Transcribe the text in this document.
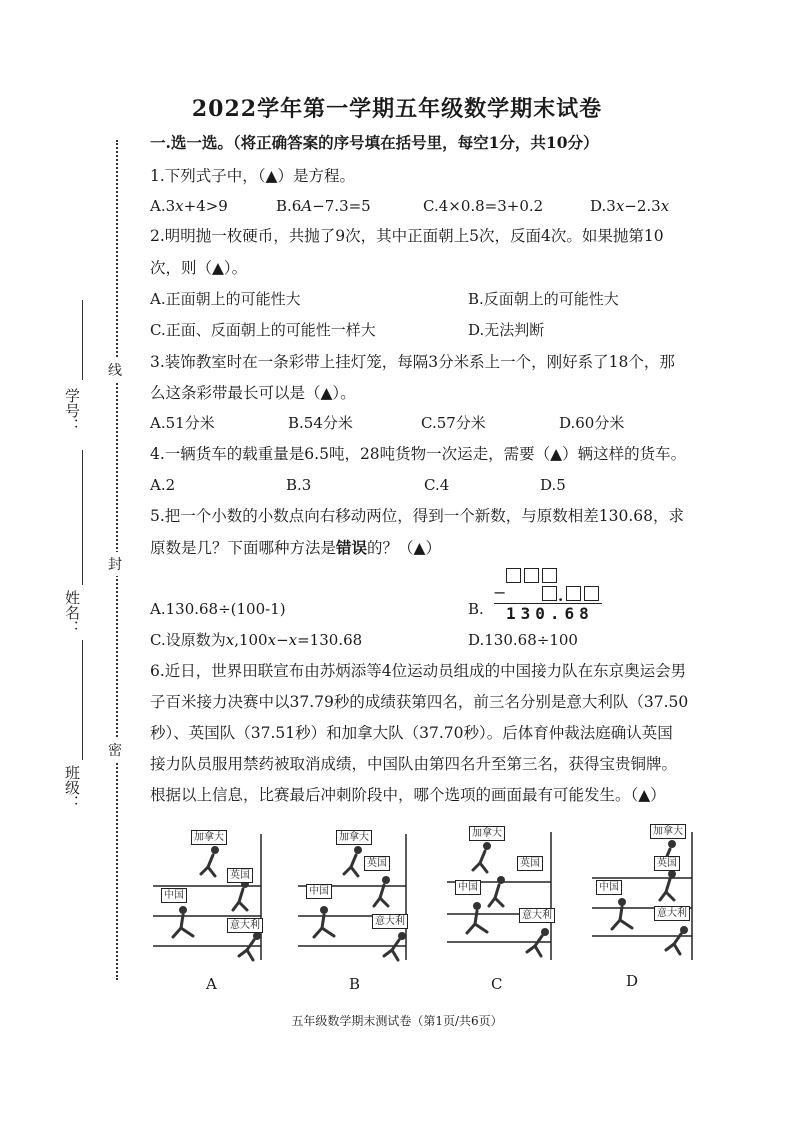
学号：
姓名：
班级：
线
封
密
2022学年第一学期五年级数学期末试卷
一.选一选。（将正确答案的序号填在括号里，每空1分，共10分）
1.下列式子中，（▲）是方程。
A.3x+4>9	B.6A−7.3=5	C.4×0.8=3+0.2	D.3x−2.3x
2.明明抛一枚硬币，共抛了9次，其中正面朝上5次，反面4次。如果抛第10
次，则（▲）。
A.正面朝上的可能性大	B.反面朝上的可能性大
C.正面、反面朝上的可能性一样大	D.无法判断
3.装饰教室时在一条彩带上挂灯笼，每隔3分米系上一个，刚好系了18个，那
么这条彩带最长可以是（▲）。
A.51分米	B.54分米	C.57分米	D.60分米
4.一辆货车的载重量是6.5吨，28吨货物一次运走，需要（▲）辆这样的货车。
A.2	B.3	C.4	D.5
5.把一个小数的小数点向右移动两位，得到一个新数，与原数相差130.68，求
原数是几？下面哪种方法是错误的？（▲）
A.130.68÷(100-1)	B.
−	.
130.68
C.设原数为x,100x−x=130.68	D.130.68÷100
6.近日，世界田联宣布由苏炳添等4位运动员组成的中国接力队在东京奥运会男
子百米接力决赛中以37.79秒的成绩获第四名，前三名分别是意大利队（37.50
秒）、英国队（37.51秒）和加拿大队（37.70秒）。后体育仲裁法庭确认英国
接力队员服用禁药被取消成绩，中国队由第四名升至第三名，获得宝贵铜牌。
根据以上信息，比赛最后冲刺阶段中，哪个选项的画面最有可能发生。（▲）
加拿大
英国
中国
意大利
A
加拿大
英国
中国
意大利
B
加拿大
英国
中国
意大利
C
加拿大
英国
中国
意大利
D
五年级数学期末测试卷（第1页/共6页）
